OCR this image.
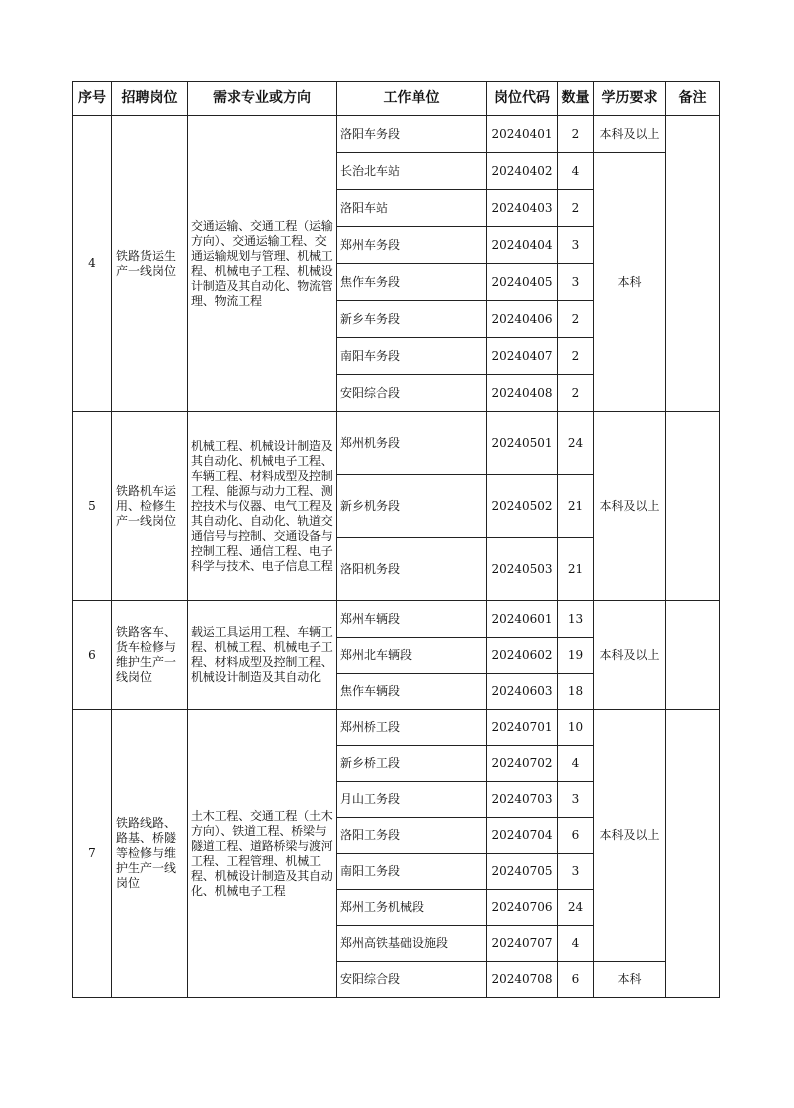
序号	招聘岗位	需求专业或方向	工作单位	岗位代码	数量	学历要求	备注
4	铁路货运生产一线岗位	交通运输、交通工程（运输方向）、交通运输工程、交通运输规划与管理、机械工程、机械电子工程、机械设计制造及其自动化、物流管理、物流工程	洛阳车务段	20240401	2	本科及以上	
			长治北车站	20240402	4	本科	
			洛阳车站	20240403	2		
			郑州车务段	20240404	3		
			焦作车务段	20240405	3		
			新乡车务段	20240406	2		
			南阳车务段	20240407	2		
			安阳综合段	20240408	2		
5	铁路机车运用、检修生产一线岗位	机械工程、机械设计制造及其自动化、机械电子工程、车辆工程、材料成型及控制工程、能源与动力工程、测控技术与仪器、电气工程及其自动化、自动化、轨道交通信号与控制、交通设备与控制工程、通信工程、电子科学与技术、电子信息工程	郑州机务段	20240501	24	本科及以上	
			新乡机务段	20240502	21		
			洛阳机务段	20240503	21		
6	铁路客车、货车检修与维护生产一线岗位	载运工具运用工程、车辆工程、机械工程、机械电子工程、材料成型及控制工程、机械设计制造及其自动化	郑州车辆段	20240601	13	本科及以上	
			郑州北车辆段	20240602	19		
			焦作车辆段	20240603	18		
7	铁路线路、路基、桥隧等检修与维护生产一线岗位	土木工程、交通工程（土木方向）、铁道工程、桥梁与隧道工程、道路桥梁与渡河工程、工程管理、机械工程、机械设计制造及其自动化、机械电子工程	郑州桥工段	20240701	10	本科及以上	
			新乡桥工段	20240702	4		
			月山工务段	20240703	3		
			洛阳工务段	20240704	6		
			南阳工务段	20240705	3		
			郑州工务机械段	20240706	24		
			郑州高铁基础设施段	20240707	4		
			安阳综合段	20240708	6	本科	
